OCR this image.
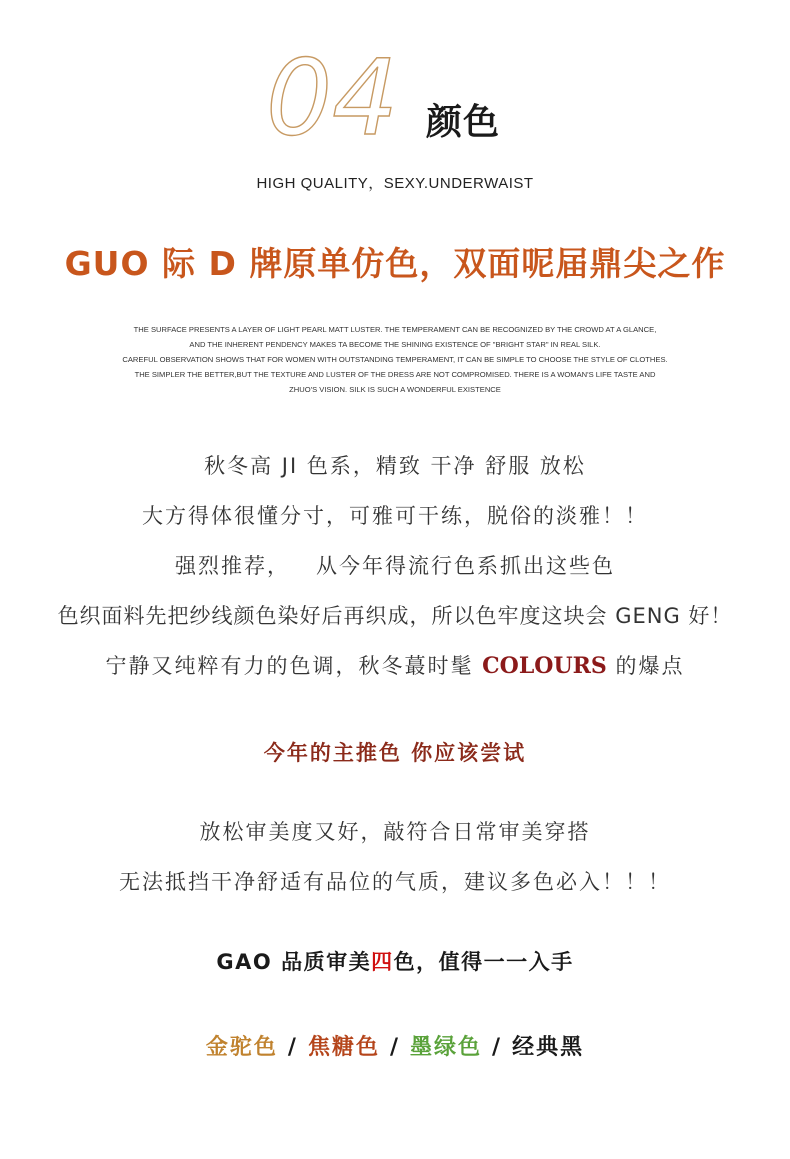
04 颜色
HIGH QUALITY，SEXY.UNDERWAIST
GUO 际 D 牌原单仿色，双面呢届鼎尖之作
THE SURFACE PRESENTS A LAYER OF LIGHT PEARL MATT LUSTER. THE TEMPERAMENT CAN BE RECOGNIZED BY THE CROWD AT A GLANCE,
AND THE INHERENT PENDENCY MAKES TA BECOME THE SHINING EXISTENCE OF "BRIGHT STAR" IN REAL SILK.
CAREFUL OBSERVATION SHOWS THAT FOR WOMEN WITH OUTSTANDING TEMPERAMENT, IT CAN BE SIMPLE TO CHOOSE THE STYLE OF CLOTHES.
THE SIMPLER THE BETTER,BUT THE TEXTURE AND LUSTER OF THE DRESS ARE NOT COMPROMISED. THERE IS A WOMAN'S LIFE TASTE AND
ZHUO'S VISION. SILK IS SUCH A WONDERFUL EXISTENCE
秋冬高 JI 色系，精致 干净 舒服 放松
大方得体很懂分寸，可雅可干练，脱俗的淡雅！！
强烈推荐，   从今年得流行色系抓出这些色
色织面料先把纱线颜色染好后再织成，所以色牢度这块会 GENG 好！
宁静又纯粹有力的色调，秋冬蕞时髦 COLOURS 的爆点
今年的主推色 你应该尝试
放松审美度又好，敲符合日常审美穿搭
无法抵挡干净舒适有品位的气质，建议多色必入！！！
GAO 品质审美四色，值得一一入手
金驼色 / 焦糖色 / 墨绿色 / 经典黑
